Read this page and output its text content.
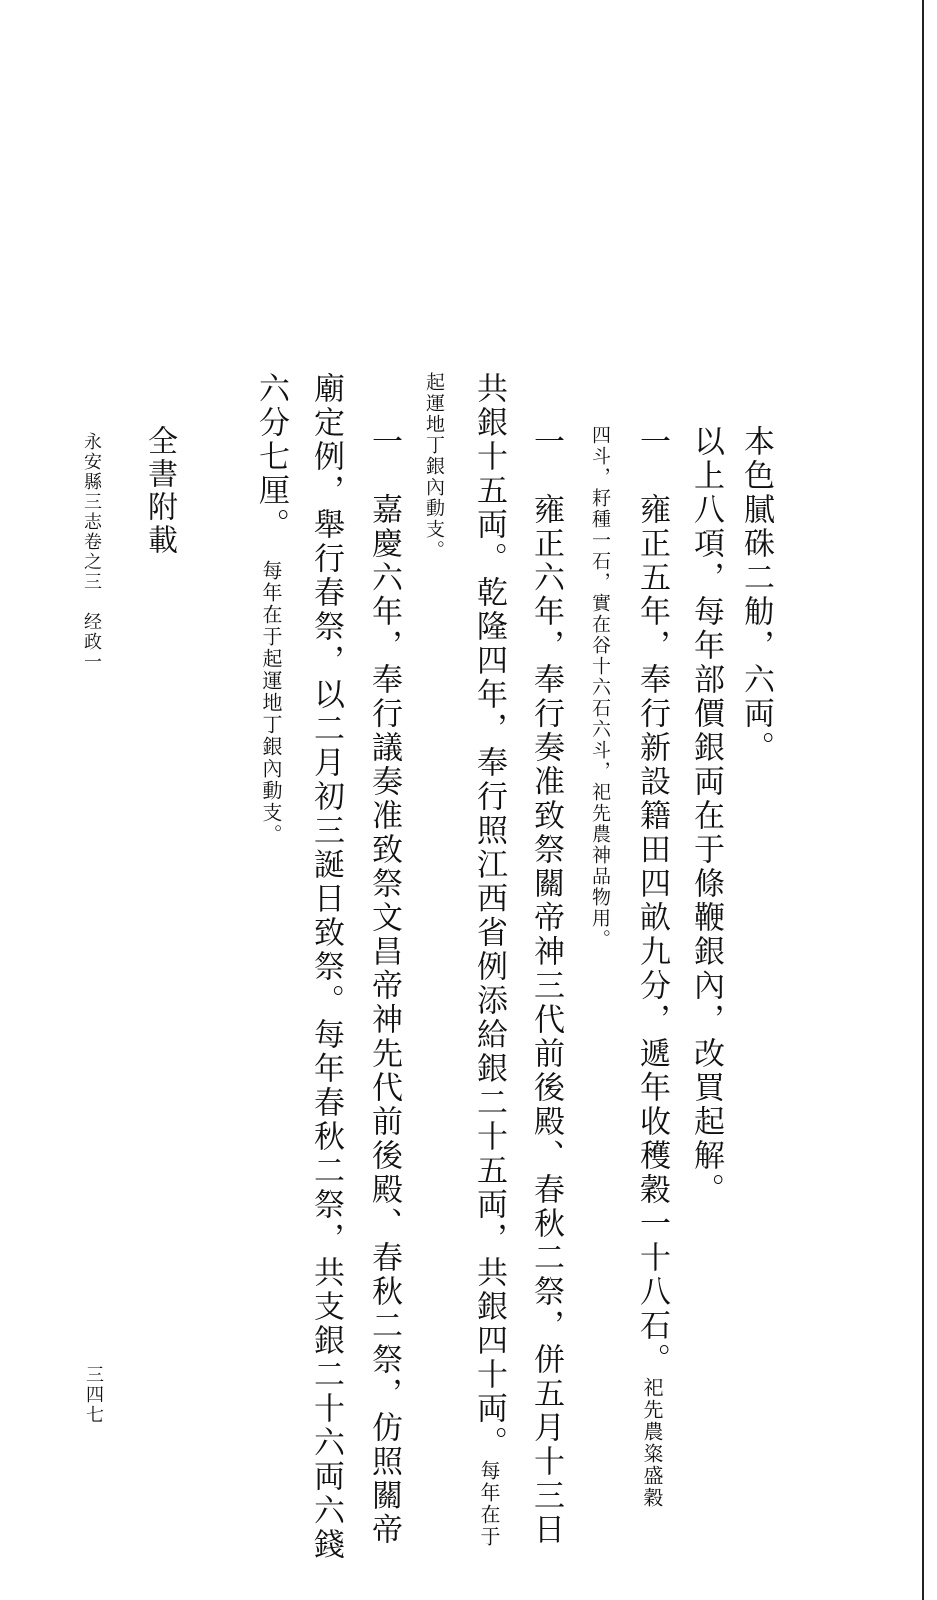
本色膩硃二觔，六両。
以上八項，每年部價銀両在于條鞭銀內，改買起解。
一　雍正五年，奉行新設籍田四畝九分，遞年收穫穀一十八石。祀先農粢盛穀
四斗，耔種一石，實在谷十六石六斗，祀先農神品物用。
一　雍正六年，奉行奏准致祭關帝神三代前後殿、春秋二祭，併五月十三日
共銀十五両。乾隆四年，奉行照江西省例添給銀二十五両，共銀四十両。每年在于
起運地丁銀內動支。
一　嘉慶六年，奉行議奏准致祭文昌帝神先代前後殿、春秋二祭，仿照關帝
廟定例，舉行春祭，以二月初三誕日致祭。每年春秋二祭，共支銀二十六両六錢
六分七厘。每年在于起運地丁銀內動支。
全書附載
永安縣三志卷之三　经政一
三四七
